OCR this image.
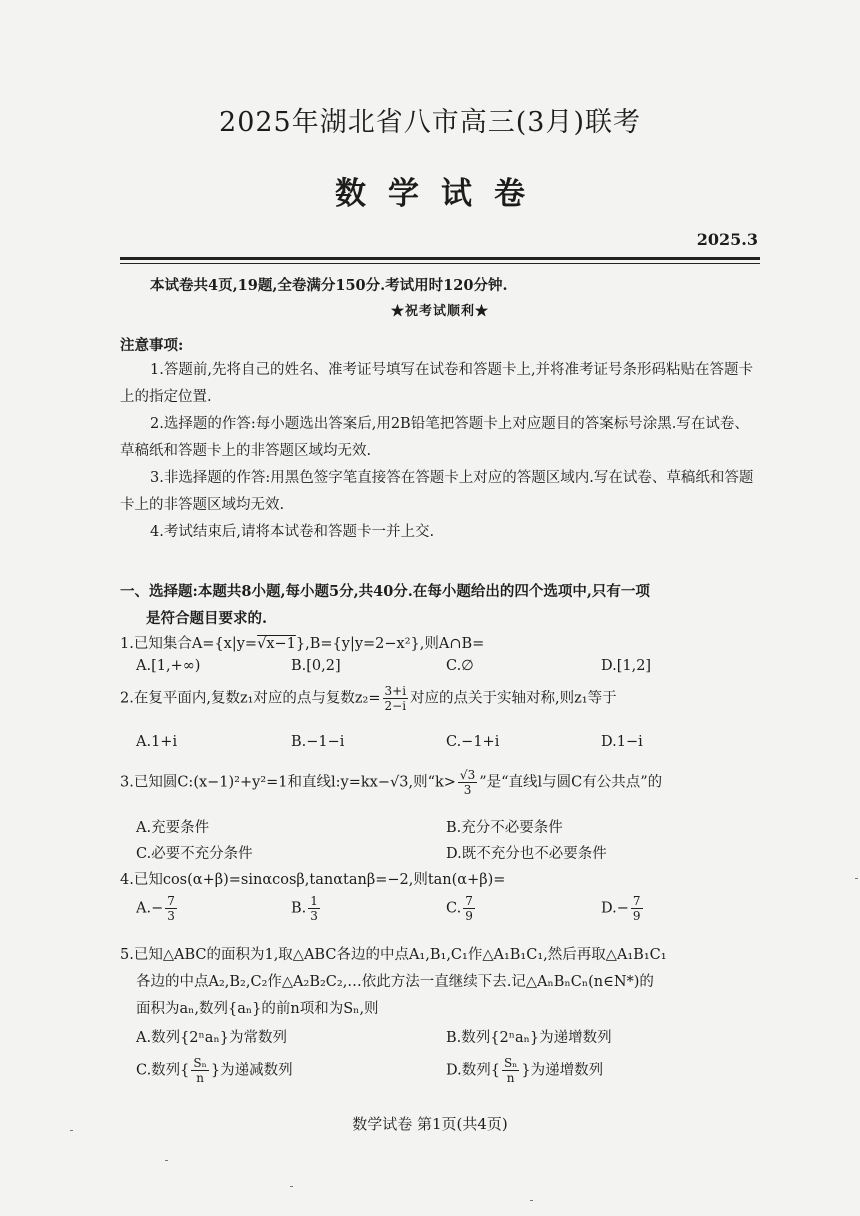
2025年湖北省八市高三(3月)联考
数学试卷
2025.3
本试卷共4页,19题,全卷满分150分.考试用时120分钟.
★祝考试顺利★
注意事项:
1.答题前,先将自己的姓名、准考证号填写在试卷和答题卡上,并将准考证号条形码粘贴在答题卡上的指定位置.
2.选择题的作答:每小题选出答案后,用2B铅笔把答题卡上对应题目的答案标号涂黑.写在试卷、草稿纸和答题卡上的非答题区域均无效.
3.非选择题的作答:用黑色签字笔直接答在答题卡上对应的答题区域内.写在试卷、草稿纸和答题卡上的非答题区域均无效.
4.考试结束后,请将本试卷和答题卡一并上交.
一、选择题:本题共8小题,每小题5分,共40分.在每小题给出的四个选项中,只有一项
是符合题目要求的.
1.已知集合A={x|y=√x−1},B={y|y=2−x²},则A∩B=
A.[1,+∞)	B.[0,2]	C.∅	D.[1,2]
2.在复平面内,复数z₁对应的点与复数$z_2= \frac{3+i}{2-i}$ 对应的点关于实轴对称,则z₁等于
A.1+i	B.−1−i	C.−1+i	D.1−i
3.已知圆C:(x−1)²+y²=1和直线l:y=kx−√3,则“$k> \frac{√3}{3}$ ”是“直线l与圆C有公共点”的
A.充要条件	B.充分不必要条件
C.必要不充分条件	D.既不充分也不必要条件
4.已知cos(α+β)=sinαcosβ,tanαtanβ=−2,则tan(α+β)=
$A.- \frac{7}{3}$	B. $\frac{1}{3}$	C. $\frac{7}{9}$	$D.- \frac{7}{9}$
5.已知△ABC的面积为1,取△ABC各边的中点A₁,B₁,C₁作△A₁B₁C₁,然后再取△A₁B₁C₁
各边的中点A₂,B₂,C₂作△A₂B₂C₂,…依此方法一直继续下去.记△AₙBₙCₙ(n∈N*)的
面积为aₙ,数列{aₙ}的前n项和为Sₙ,则
A.数列{2ⁿaₙ}为常数列	B.数列{2ⁿaₙ}为递增数列
C.数列{ $\frac{\text{Sₙ}}{n}$ }为递减数列	D.数列{ $\frac{\text{Sₙ}}{n}$ }为递增数列
数学试卷 第1页(共4页)
